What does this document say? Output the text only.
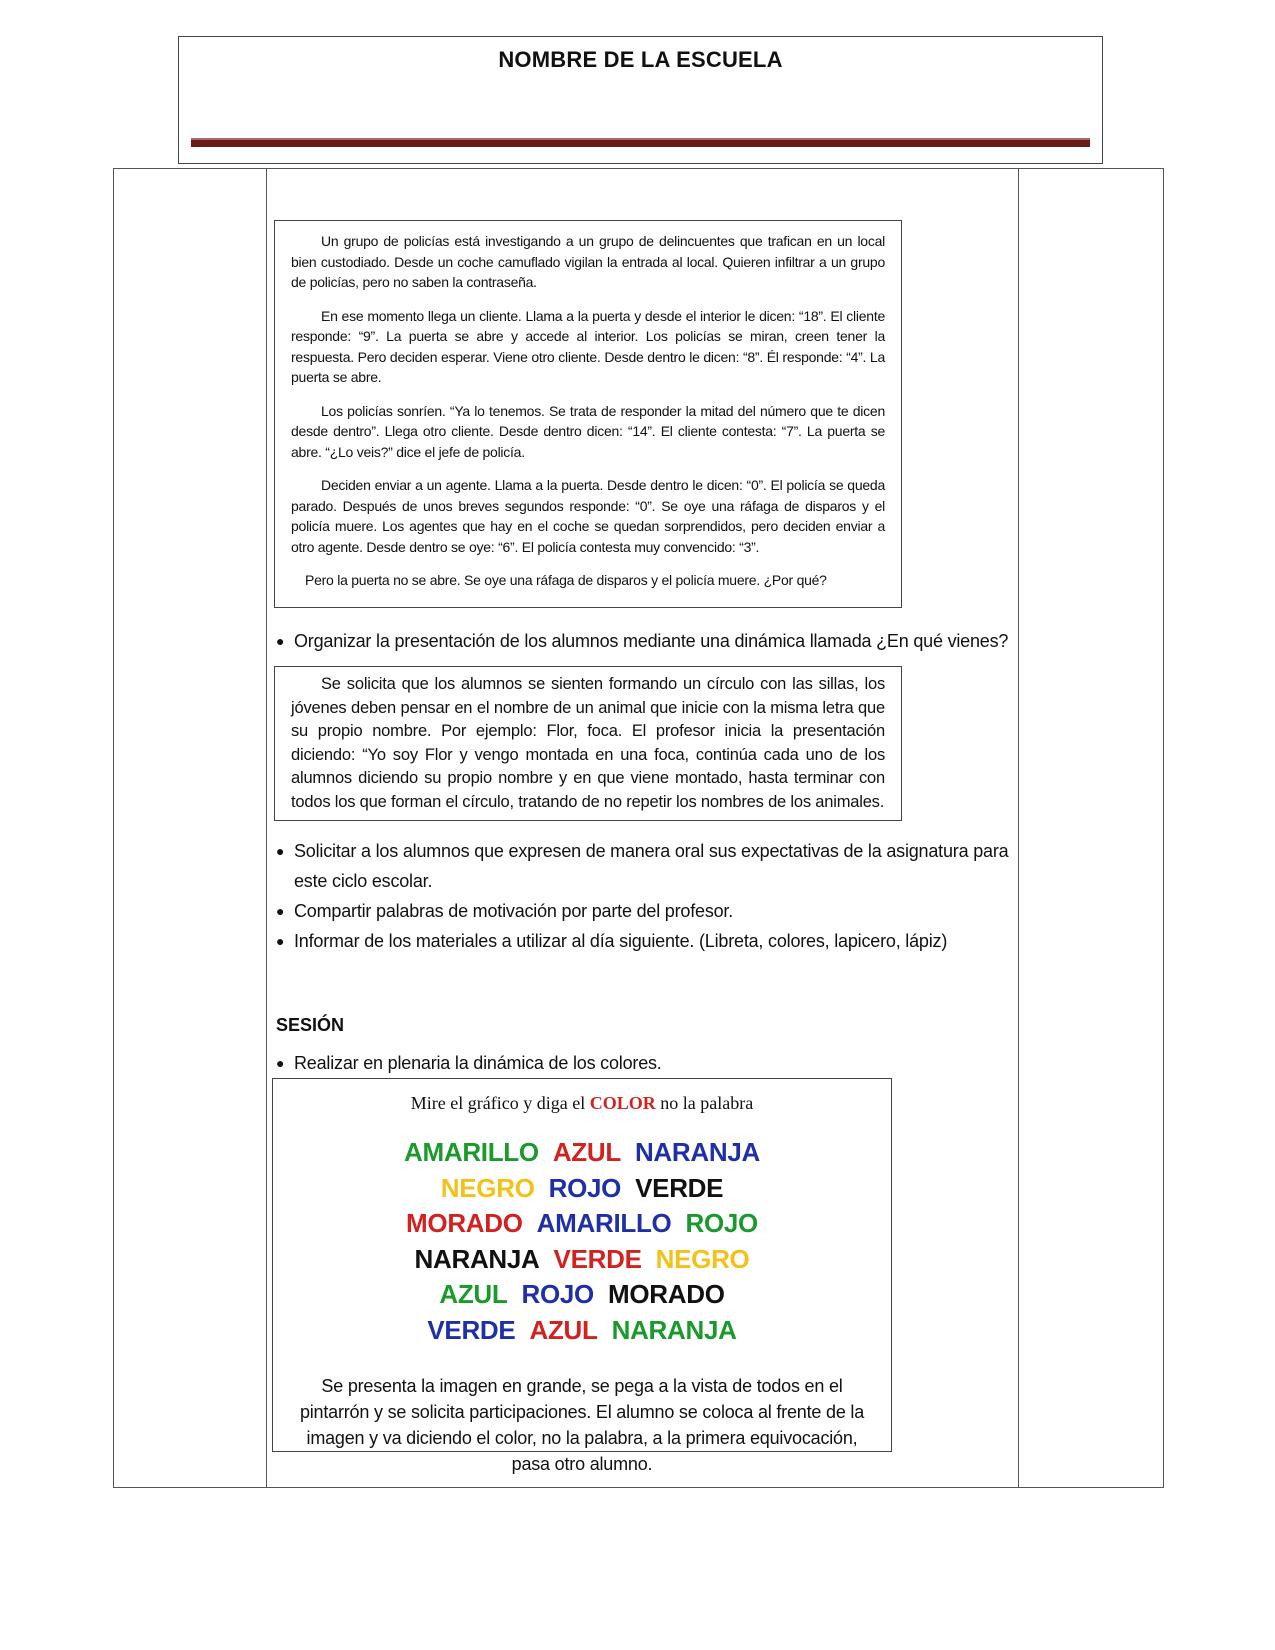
NOMBRE DE LA ESCUELA

Un grupo de policías está investigando a un grupo de delincuentes que trafican en un local bien custodiado. Desde un coche camuflado vigilan la entrada al local. Quieren infiltrar a un grupo de policías, pero no saben la contraseña.

En ese momento llega un cliente. Llama a la puerta y desde el interior le dicen: “18”. El cliente responde: “9”. La puerta se abre y accede al interior. Los policías se miran, creen tener la respuesta. Pero deciden esperar. Viene otro cliente. Desde dentro le dicen: “8”. Él responde: “4”. La puerta se abre.

Los policías sonríen. “Ya lo tenemos. Se trata de responder la mitad del número que te dicen desde dentro”. Llega otro cliente. Desde dentro dicen: “14”. El cliente contesta: “7”. La puerta se abre. “¿Lo veis?” dice el jefe de policía.

Deciden enviar a un agente. Llama a la puerta. Desde dentro le dicen: “0”. El policía se queda parado. Después de unos breves segundos responde: “0”. Se oye una ráfaga de disparos y el policía muere. Los agentes que hay en el coche se quedan sorprendidos, pero deciden enviar a otro agente. Desde dentro se oye: “6”. El policía contesta muy convencido: “3”.

Pero la puerta no se abre. Se oye una ráfaga de disparos y el policía muere. ¿Por qué?

● Organizar la presentación de los alumnos mediante una dinámica llamada ¿En qué vienes?

Se solicita que los alumnos se sienten formando un círculo con las sillas, los jóvenes deben pensar en el nombre de un animal que inicie con la misma letra que su propio nombre. Por ejemplo: Flor, foca. El profesor inicia la presentación diciendo: “Yo soy Flor y vengo montada en una foca, continúa cada uno de los alumnos diciendo su propio nombre y en que viene montado, hasta terminar con todos los que forman el círculo, tratando de no repetir los nombres de los animales.

● Solicitar a los alumnos que expresen de manera oral sus expectativas de la asignatura para este ciclo escolar.
● Compartir palabras de motivación por parte del profesor.
● Informar de los materiales a utilizar al día siguiente. (Libreta, colores, lapicero, lápiz)
SESIÓN
● Realizar en plenaria la dinámica de los colores.
Mire el gráfico y diga el COLOR no la palabra
AMARILLO AZUL NARANJA
NEGRO ROJO VERDE
MORADO AMARILLO ROJO
NARANJA VERDE NEGRO
AZUL ROJO MORADO
VERDE AZUL NARANJA
Se presenta la imagen en grande, se pega a la vista de todos en el pintarrón y se solicita participaciones. El alumno se coloca al frente de la imagen y va diciendo el color, no la palabra, a la primera equivocación, pasa otro alumno.
